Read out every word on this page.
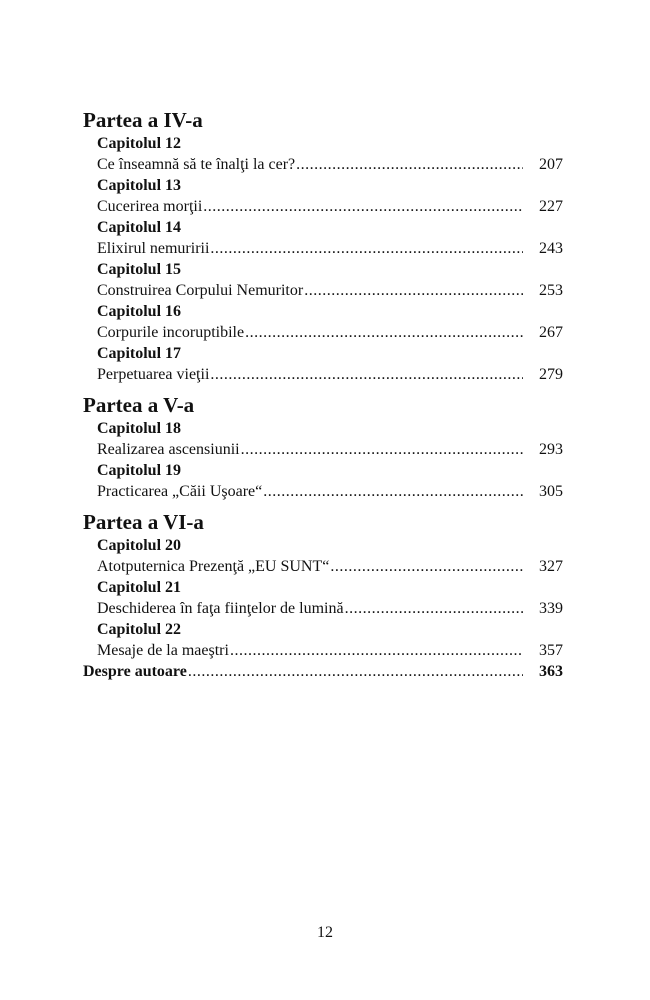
Partea a IV-a
Capitolul 12
Ce înseamnă să te înalţi la cer? .....	207
Capitolul 13
Cucerirea morţii .....	227
Capitolul 14
Elixirul nemuririi .....	243
Capitolul 15
Construirea Corpului Nemuritor .....	253
Capitolul 16
Corpurile incoruptibile .....	267
Capitolul 17
Perpetuarea vieţii .....	279
Partea a V-a
Capitolul 18
Realizarea ascensiunii .....	293
Capitolul 19
Practicarea „Căii Uşoare“ .....	305
Partea a VI-a
Capitolul 20
Atotputernica Prezenţă „EU SUNT“ .....	327
Capitolul 21
Deschiderea în faţa fiinţelor de lumină .....	339
Capitolul 22
Mesaje de la maeştri .....	357
Despre autoare .....	363
12
